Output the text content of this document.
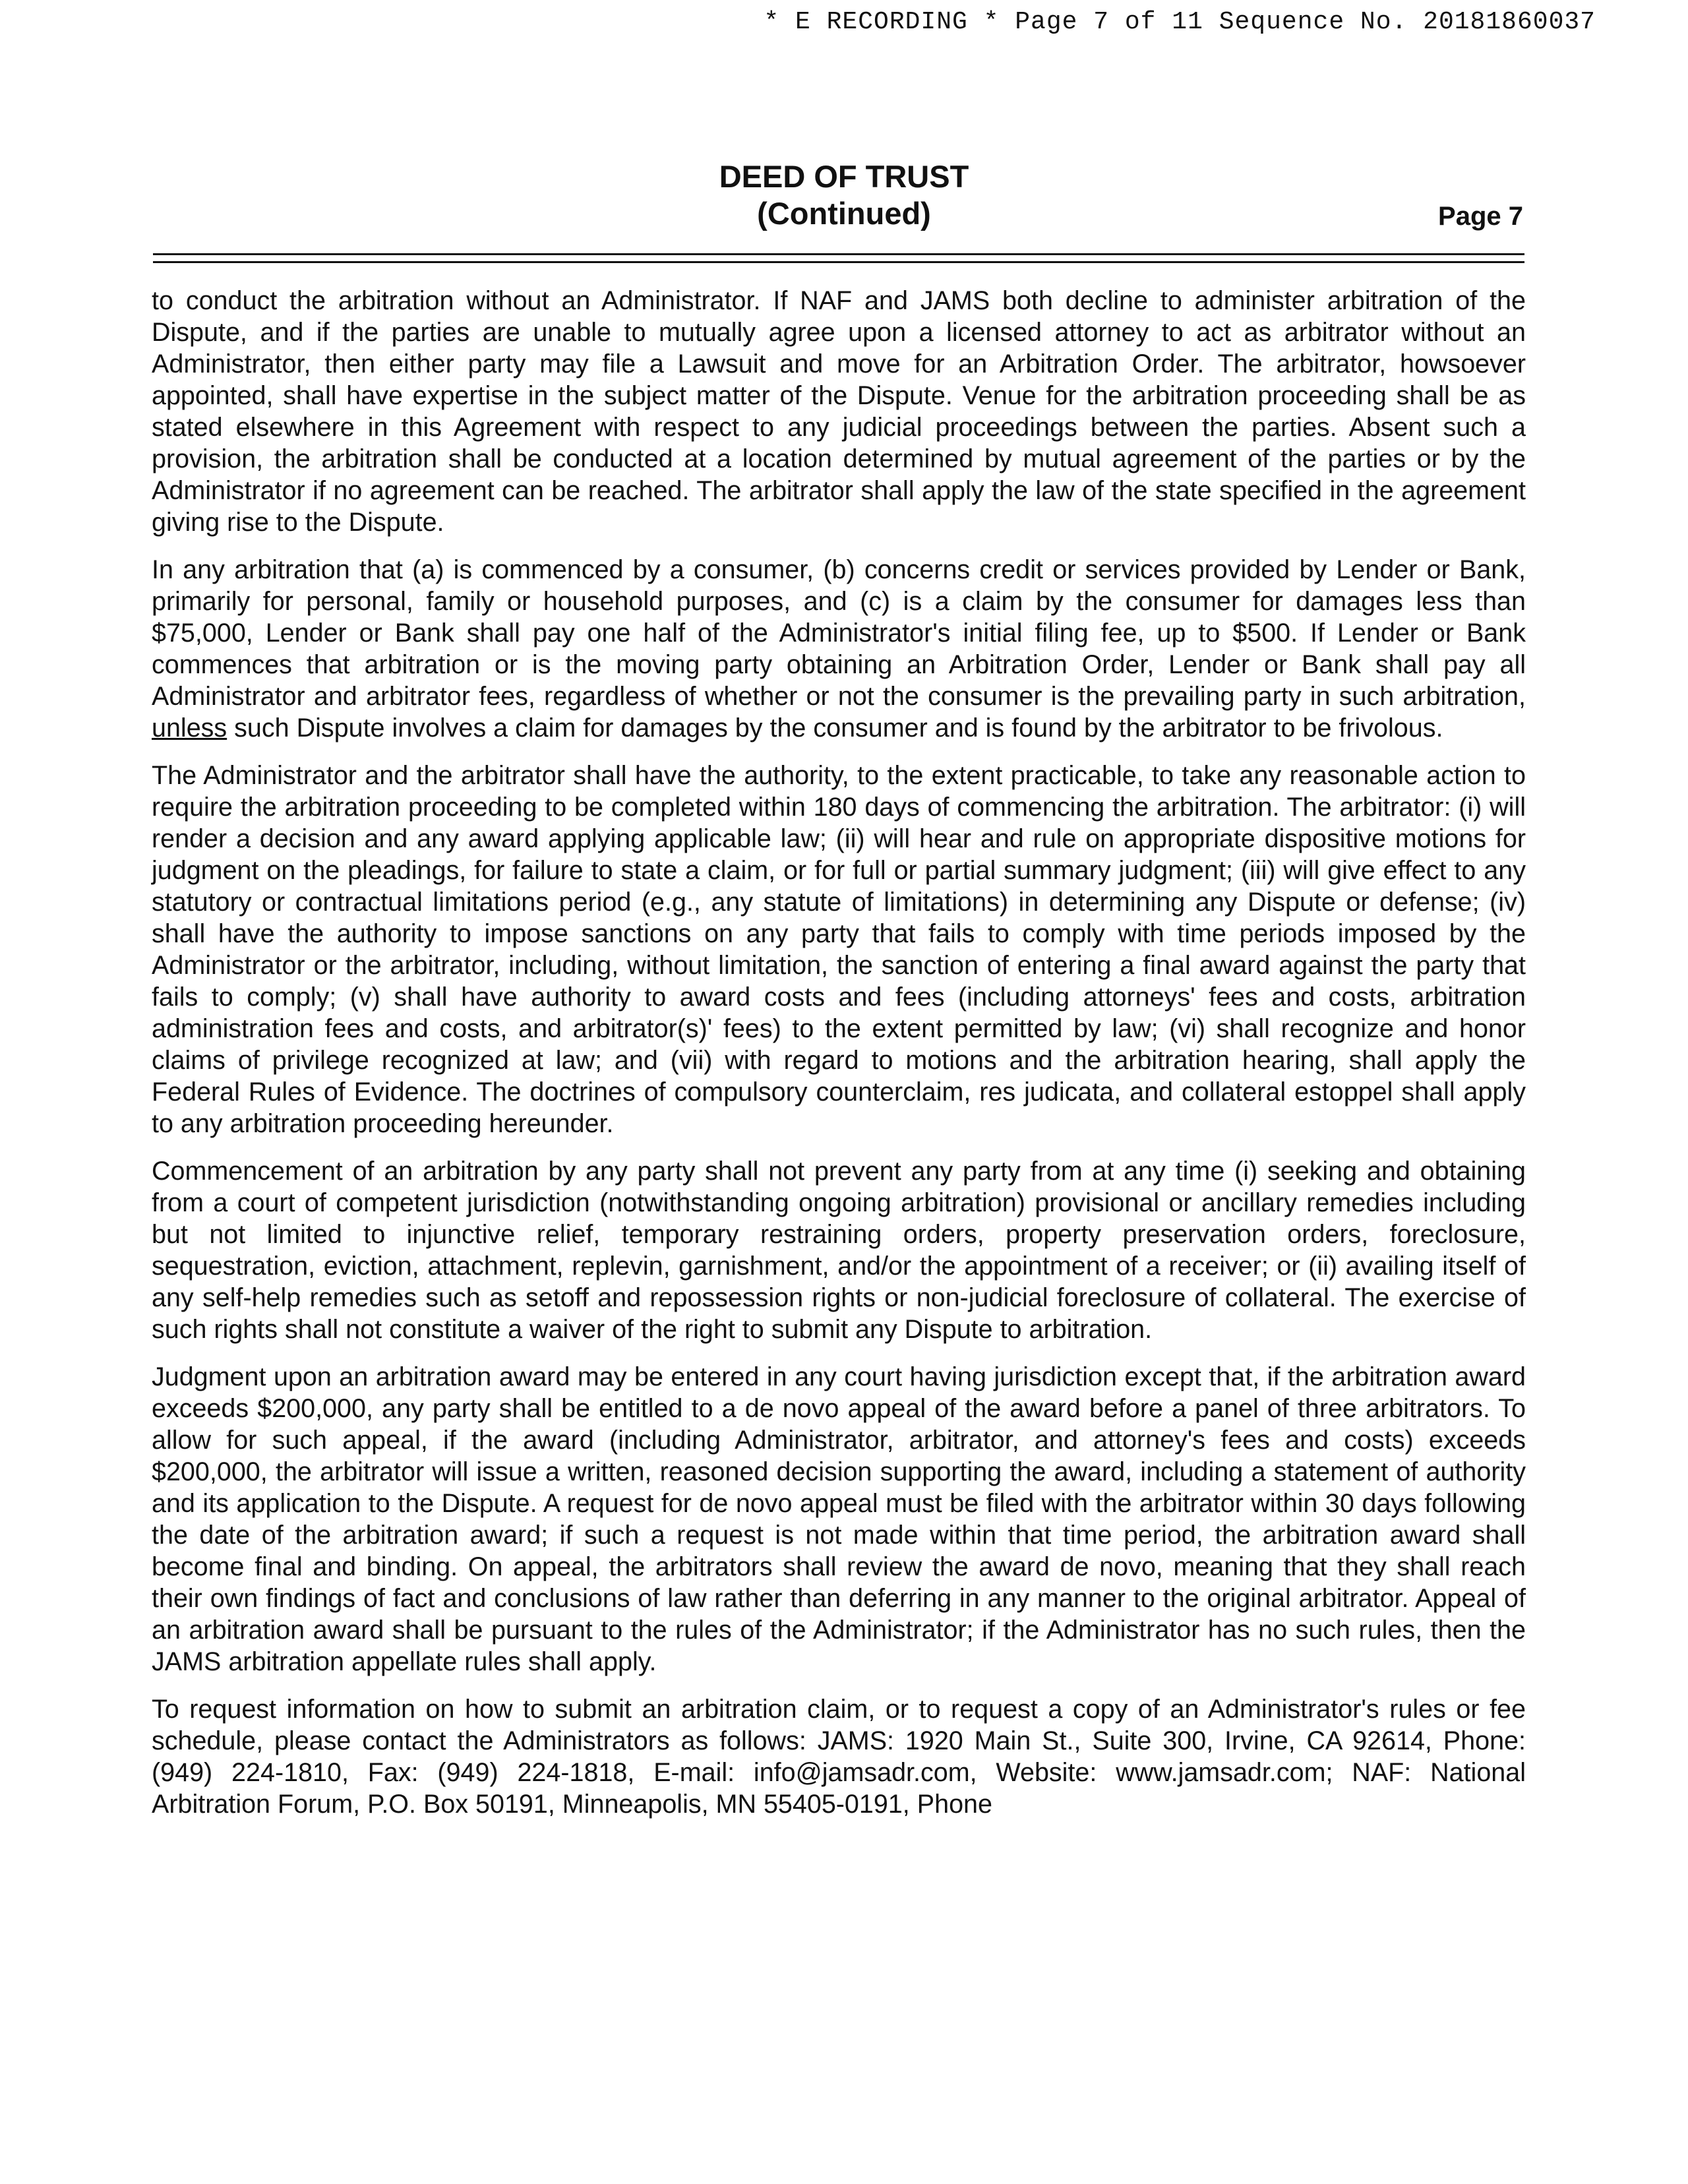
* E RECORDING * Page 7 of 11 Sequence No. 20181860037
DEED OF TRUST
(Continued)	Page 7

to conduct the arbitration without an Administrator. If NAF and JAMS both decline to administer arbitration of the Dispute, and if the parties are unable to mutually agree upon a licensed attorney to act as arbitrator without an Administrator, then either party may file a Lawsuit and move for an Arbitration Order. The arbitrator, howsoever appointed, shall have expertise in the subject matter of the Dispute. Venue for the arbitration proceeding shall be as stated elsewhere in this Agreement with respect to any judicial proceedings between the parties. Absent such a provision, the arbitration shall be conducted at a location determined by mutual agreement of the parties or by the Administrator if no agreement can be reached. The arbitrator shall apply the law of the state specified in the agreement giving rise to the Dispute.

In any arbitration that (a) is commenced by a consumer, (b) concerns credit or services provided by Lender or Bank, primarily for personal, family or household purposes, and (c) is a claim by the consumer for damages less than $75,000, Lender or Bank shall pay one half of the Administrator's initial filing fee, up to $500. If Lender or Bank commences that arbitration or is the moving party obtaining an Arbitration Order, Lender or Bank shall pay all Administrator and arbitrator fees, regardless of whether or not the consumer is the prevailing party in such arbitration, unless such Dispute involves a claim for damages by the consumer and is found by the arbitrator to be frivolous.

The Administrator and the arbitrator shall have the authority, to the extent practicable, to take any reasonable action to require the arbitration proceeding to be completed within 180 days of commencing the arbitration. The arbitrator: (i) will render a decision and any award applying applicable law; (ii) will hear and rule on appropriate dispositive motions for judgment on the pleadings, for failure to state a claim, or for full or partial summary judgment; (iii) will give effect to any statutory or contractual limitations period (e.g., any statute of limitations) in determining any Dispute or defense; (iv) shall have the authority to impose sanctions on any party that fails to comply with time periods imposed by the Administrator or the arbitrator, including, without limitation, the sanction of entering a final award against the party that fails to comply; (v) shall have authority to award costs and fees (including attorneys' fees and costs, arbitration administration fees and costs, and arbitrator(s)' fees) to the extent permitted by law; (vi) shall recognize and honor claims of privilege recognized at law; and (vii) with regard to motions and the arbitration hearing, shall apply the Federal Rules of Evidence. The doctrines of compulsory counterclaim, res judicata, and collateral estoppel shall apply to any arbitration proceeding hereunder.

Commencement of an arbitration by any party shall not prevent any party from at any time (i) seeking and obtaining from a court of competent jurisdiction (notwithstanding ongoing arbitration) provisional or ancillary remedies including but not limited to injunctive relief, temporary restraining orders, property preservation orders, foreclosure, sequestration, eviction, attachment, replevin, garnishment, and/or the appointment of a receiver; or (ii) availing itself of any self-help remedies such as setoff and repossession rights or non-judicial foreclosure of collateral. The exercise of such rights shall not constitute a waiver of the right to submit any Dispute to arbitration.

Judgment upon an arbitration award may be entered in any court having jurisdiction except that, if the arbitration award exceeds $200,000, any party shall be entitled to a de novo appeal of the award before a panel of three arbitrators. To allow for such appeal, if the award (including Administrator, arbitrator, and attorney's fees and costs) exceeds $200,000, the arbitrator will issue a written, reasoned decision supporting the award, including a statement of authority and its application to the Dispute. A request for de novo appeal must be filed with the arbitrator within 30 days following the date of the arbitration award; if such a request is not made within that time period, the arbitration award shall become final and binding. On appeal, the arbitrators shall review the award de novo, meaning that they shall reach their own findings of fact and conclusions of law rather than deferring in any manner to the original arbitrator. Appeal of an arbitration award shall be pursuant to the rules of the Administrator; if the Administrator has no such rules, then the JAMS arbitration appellate rules shall apply.

To request information on how to submit an arbitration claim, or to request a copy of an Administrator's rules or fee schedule, please contact the Administrators as follows: JAMS: 1920 Main St., Suite 300, Irvine, CA 92614, Phone: (949) 224-1810, Fax: (949) 224-1818, E-mail: info@jamsadr.com, Website: www.jamsadr.com; NAF: National Arbitration Forum, P.O. Box 50191, Minneapolis, MN 55405-0191, Phone
